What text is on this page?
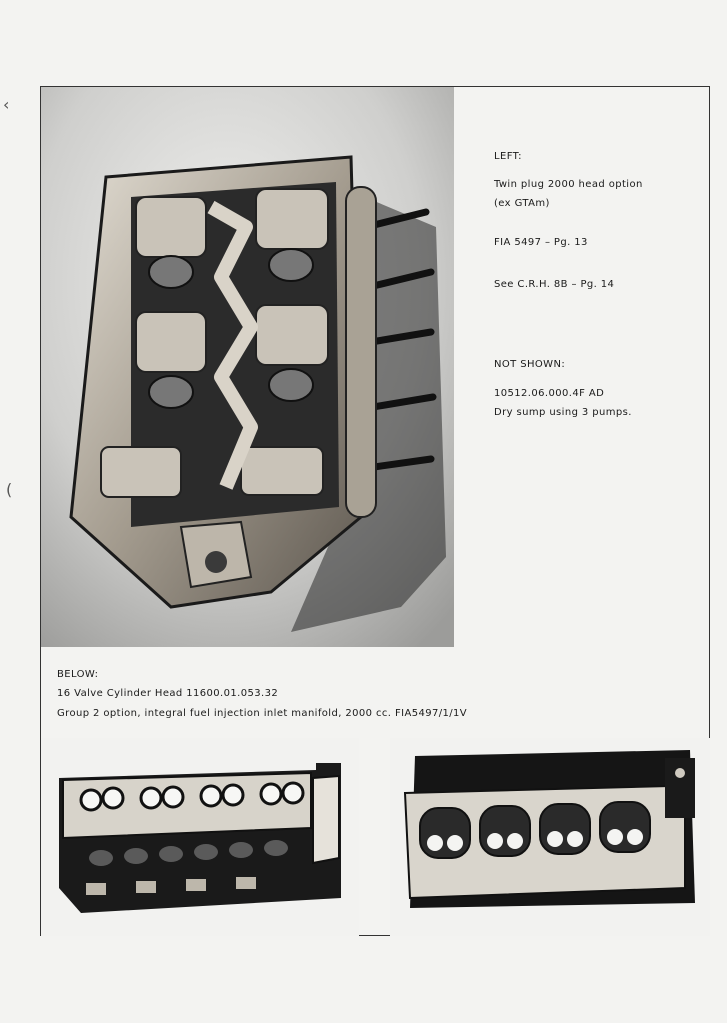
‹
(
LEFT:
Twin plug 2000 head option
(ex GTAm)
FIA 5497 – Pg. 13
See C.R.H. 8B – Pg. 14
NOT SHOWN:
10512.06.000.4F AD
Dry sump using 3 pumps.
BELOW:
16 Valve Cylinder Head 11600.01.053.32
Group 2 option, integral fuel injection inlet manifold, 2000 cc. FIA5497/1/1V
